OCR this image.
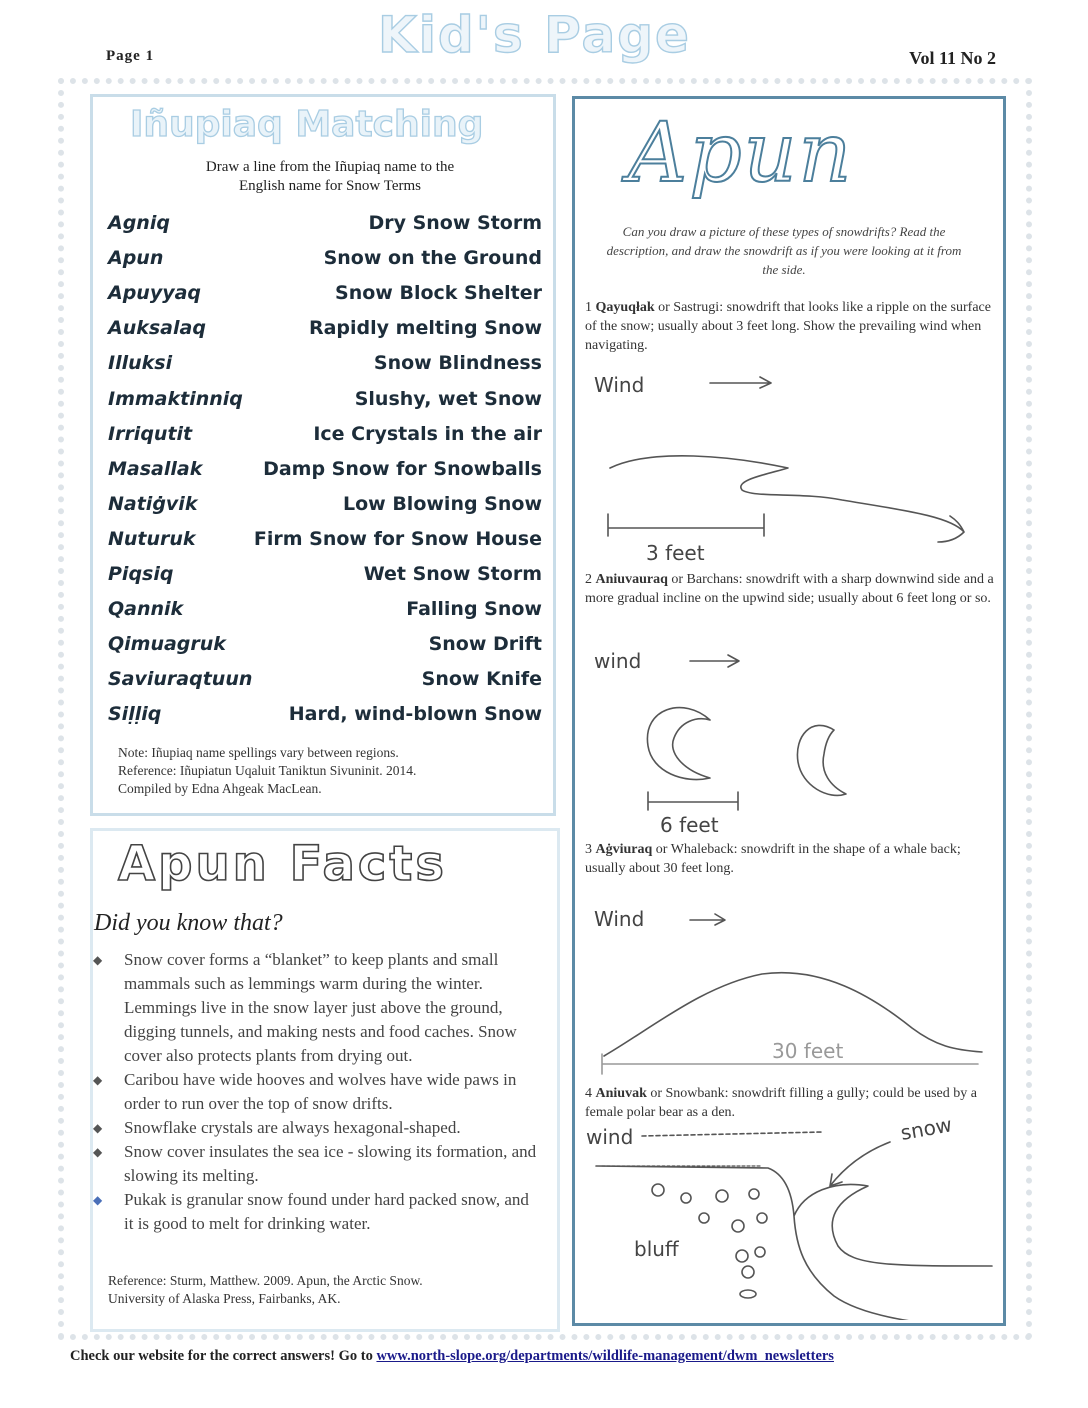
Page 1	Kid's Page	Vol 11 No 2
Iñupiaq Matching
Draw a line from the Iñupiaq name to the
English name for Snow Terms
Agniq	Dry Snow Storm
Apun	Snow on the Ground
Apuyyaq	Snow Block Shelter
Auksalaq	Rapidly melting Snow
Illuksi	Snow Blindness
Immaktinniq	Slushy, wet Snow
Irriqutit	Ice Crystals in the air
Masallak	Damp Snow for Snowballs
Natiġvik	Low Blowing Snow
Nuturuk	Firm Snow for Snow House
Piqsiq	Wet Snow Storm
Qannik	Falling Snow
Qimuagruk	Snow Drift
Saviuraqtuun	Snow Knife
Siḷḷiq	Hard, wind-blown Snow
Note: Iñupiaq name spellings vary between regions.
Reference: Iñupiatun Uqaluit Taniktun Sivuninit. 2014.
Compiled by Edna Ahgeak MacLean.
Apun Facts
Did you know that?
◆ Snow cover forms a “blanket” to keep plants and small mammals such as lemmings warm during the winter. Lemmings live in the snow layer just above the ground, digging tunnels, and making nests and food caches. Snow cover also protects plants from drying out.
◆ Caribou have wide hooves and wolves have wide paws in order to run over the top of snow drifts.
◆ Snowflake crystals are always hexagonal-shaped.
◆ Snow cover insulates the sea ice - slowing its formation, and slowing its melting.
◆ Pukak is granular snow found under hard packed snow, and it is good to melt for drinking water.
Reference: Sturm, Matthew. 2009. Apun, the Arctic Snow.
University of Alaska Press, Fairbanks, AK.
Apun
Can you draw a picture of these types of snowdrifts? Read the description, and draw the snowdrift as if you were looking at it from the side.
1 Qayuqłak or Sastrugi: snowdrift that looks like a ripple on the surface of the snow; usually about 3 feet long. Show the prevailing wind when navigating.
2 Aniuvauraq or Barchans: snowdrift with a sharp downwind side and a more gradual incline on the upwind side; usually about 6 feet long or so.
3 Aġviuraq or Whaleback: snowdrift in the shape of a whale back; usually about 30 feet long.
4 Aniuvak or Snowbank: snowdrift filling a gully; could be used by a female polar bear as a den.
Wind
3 feet
wind
6 feet
Wind
30 feet
wind	snow
bluff
Check our website for the correct answers! Go to www.north-slope.org/departments/wildlife-management/dwm_newsletters
